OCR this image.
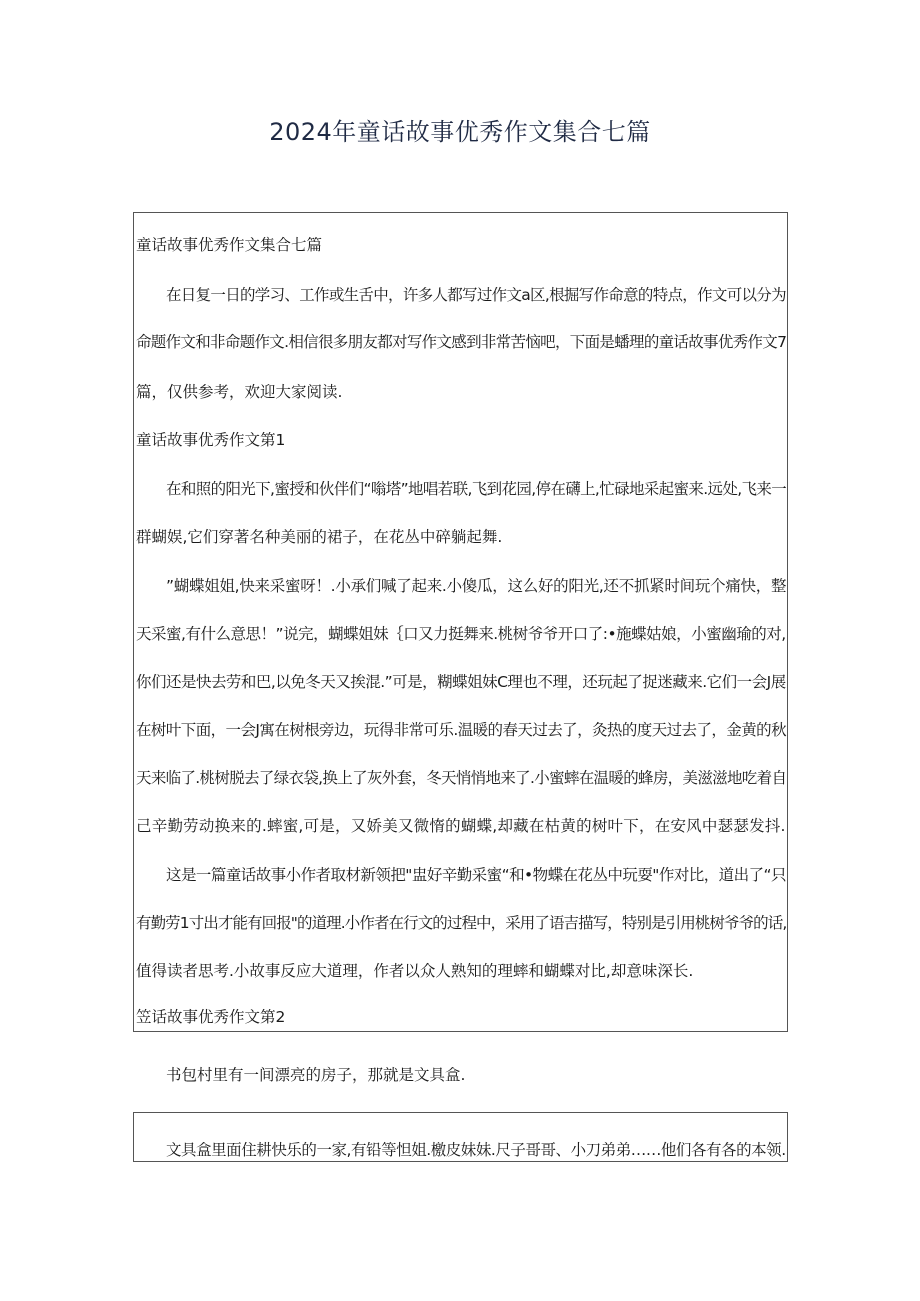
2024年童话故事优秀作文集合七篇

童话故事优秀作文集合七篇

在日复一日的学习、工作或生舌中，许多人都写过作文a区,根掘写作命意的特点，作文可以分为

命题作文和非命题作文.相信很多朋友都对写作文感到非常苦恼吧，下面是蟠理的童话故事优秀作文7

篇，仅供参考，欢迎大家阅读.

童话故事优秀作文第1

在和照的阳光下,蜜授和伙伴们“嗡塔”地唱若联,飞到花园,停在礴上,忙碌地采起蜜来.远处,飞来一

群蝴娱,它们穿著名种美丽的裙子，在花丛中碎躺起舞.

”蝴蝶姐姐,快来采蜜呀！.小承们喊了起来.小傻瓜，这么好的阳光,还不抓紧时间玩个痛快，整

天采蜜,有什么意思！”说完，蝴蝶姐妹｛口又力挺舞来.桃树爷爷开口了:•施蝶姑娘，小蜜幽瑜的对,

你们还是快去劳和巴,以免冬天又挨混.”可是，糊蝶姐妹C理也不理，还玩起了捉迷藏来.它们一会J展

在树叶下面，一会J寓在树根旁边，玩得非常可乐.温暖的春天过去了，灸热的度天过去了，金黄的秋

天来临了.桃树脱去了绿衣袋,换上了灰外套，冬天悄悄地来了.小蜜蟀在温暖的蜂房，美滋滋地吃着自

己辛勤劳动换来的.蟀蜜,可是，又娇美又微惰的蝴蝶,却藏在枯黄的树叶下，在安风中瑟瑟发抖.

这是一篇童话故事小作者取材新领把"盅好辛勤采蜜“和•物蝶在花丛中玩耍"作对比，道出了“只

有勤劳1寸出才能有回报"的道理.小作者在行文的过程中，采用了语吉描写，特别是引用桃树爷爷的话,

值得读者思考.小故事反应大道理，作者以众人熟知的理蟀和蝴蝶对比,却意味深长.

笠话故事优秀作文第2

书包村里有一间漂亮的房子，那就是文具盒.

文具盒里面住耕快乐的一家,有铅等怛姐.檄皮妹妹.尺子哥哥、小刀弟弟……他们各有各的本领.
